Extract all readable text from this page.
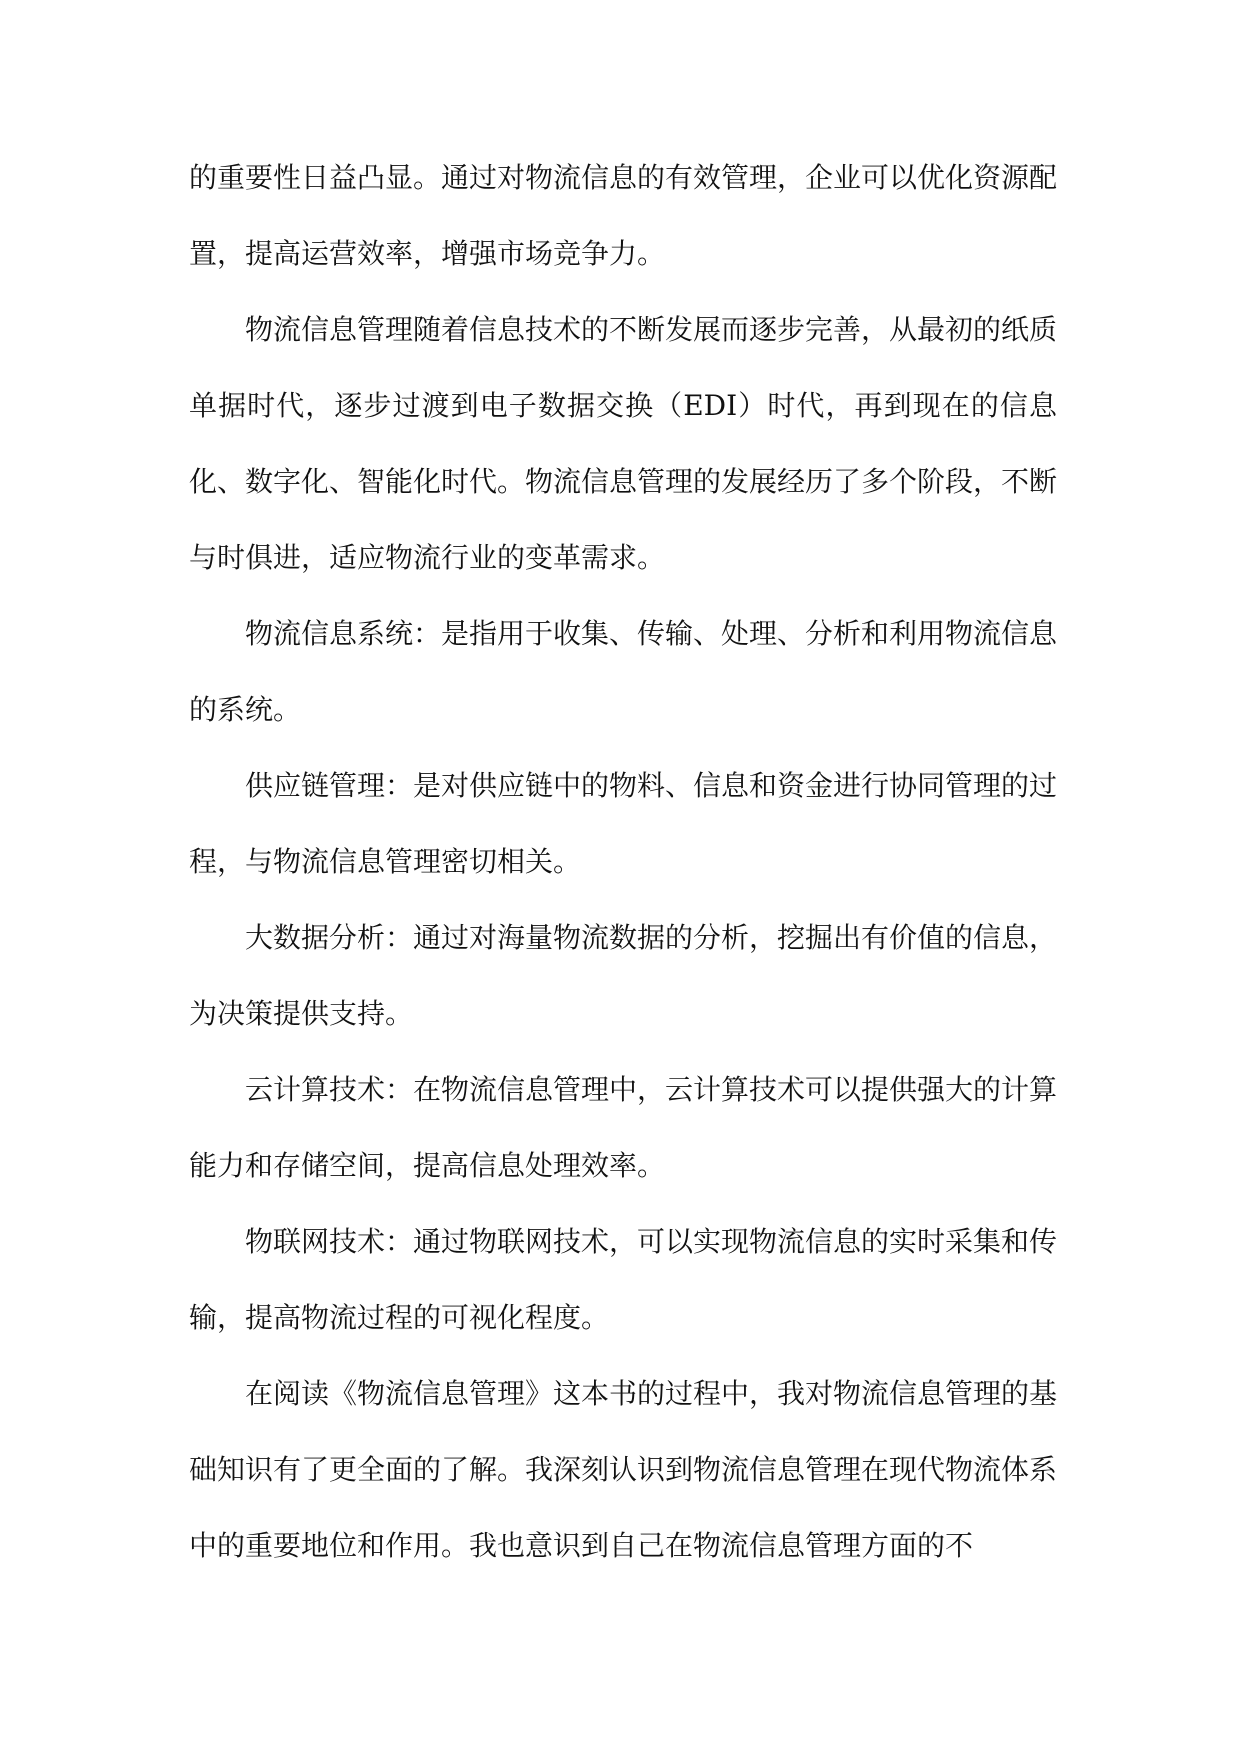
的重要性日益凸显。通过对物流信息的有效管理，企业可以优化资源配置，提高运营效率，增强市场竞争力。

物流信息管理随着信息技术的不断发展而逐步完善，从最初的纸质单据时代，逐步过渡到电子数据交换（EDI）时代，再到现在的信息化、数字化、智能化时代。物流信息管理的发展经历了多个阶段，不断与时俱进，适应物流行业的变革需求。

物流信息系统：是指用于收集、传输、处理、分析和利用物流信息的系统。

供应链管理：是对供应链中的物料、信息和资金进行协同管理的过程，与物流信息管理密切相关。

大数据分析：通过对海量物流数据的分析，挖掘出有价值的信息，为决策提供支持。

云计算技术：在物流信息管理中，云计算技术可以提供强大的计算能力和存储空间，提高信息处理效率。

物联网技术：通过物联网技术，可以实现物流信息的实时采集和传输，提高物流过程的可视化程度。

在阅读《物流信息管理》这本书的过程中，我对物流信息管理的基础知识有了更全面的了解。我深刻认识到物流信息管理在现代物流体系中的重要地位和作用。我也意识到自己在物流信息管理方面的不
